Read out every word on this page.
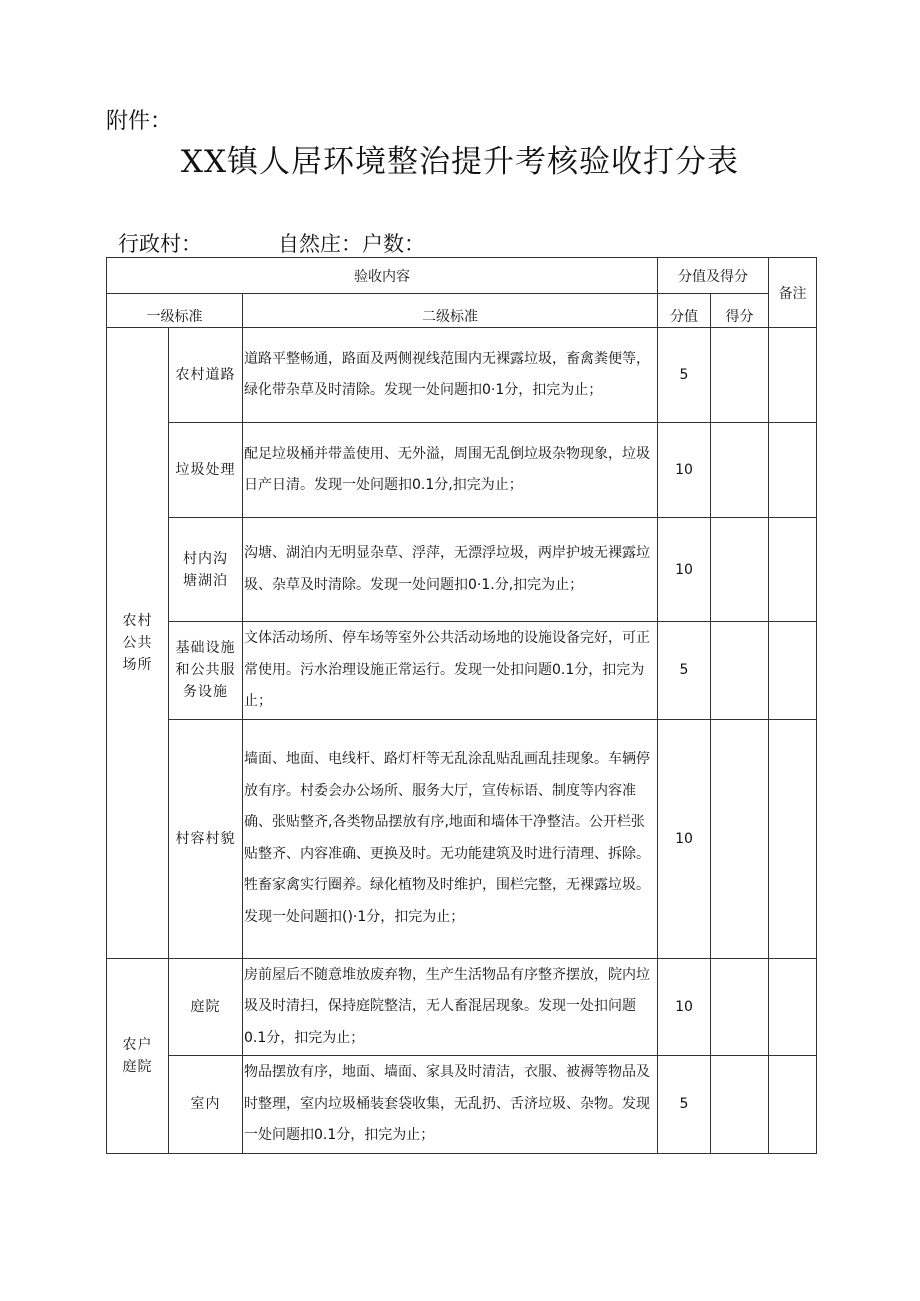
附件：
XX镇人居环境整治提升考核验收打分表
行政村：	自然庄：户数：
验收内容			分值及得分		备注
一级标准		二级标准	分值	得分	

农村公共场所	农村道路	道路平整畅通，路面及两侧视线范围内无裸露垃圾，畜禽粪便等，绿化带杂草及时清除。发现一处问题扣0·1分，扣完为止；	5		

	垃圾处理	配足垃圾桶并带盖使用、无外溢，周围无乱倒垃圾杂物现象，垃圾日产日清。发现一处问题扣0.1分,扣完为止；	10		

	村内沟塘湖泊	沟塘、湖泊内无明显杂草、浮萍，无漂浮垃圾，两岸护坡无裸露垃圾、杂草及时清除。发现一处问题扣0·1.分,扣完为止；	10		

	基础设施和公共服务设施	文体活动场所、停车场等室外公共活动场地的设施设备完好，可正常使用。污水治理设施正常运行。发现一处扣问题0.1分，扣完为止；	5		

	村容村貌	墙面、地面、电线杆、路灯杆等无乱涂乱贴乱画乱挂现象。车辆停放有序。村委会办公场所、服务大厅，宣传标语、制度等内容准确、张贴整齐,各类物品摆放有序,地面和墙体干净整洁。公开栏张贴整齐、内容准确、更换及时。无功能建筑及时进行清理、拆除。牲畜家禽实行圈养。绿化植物及时维护，围栏完整，无裸露垃圾。发现一处问题扣()·1分，扣完为止；	10		

农户庭院	庭院	房前屋后不随意堆放废弃物，生产生活物品有序整齐摆放，院内垃圾及时清扫，保持庭院整洁，无人畜混居现象。发现一处扣问题0.1分，扣完为止；	10		

	室内	物品摆放有序，地面、墙面、家具及时清洁，衣服、被褥等物品及时整理，室内垃圾桶装套袋收集，无乱扔、舌济垃圾、杂物。发现一处问题扣0.1分，扣完为止；	5		
